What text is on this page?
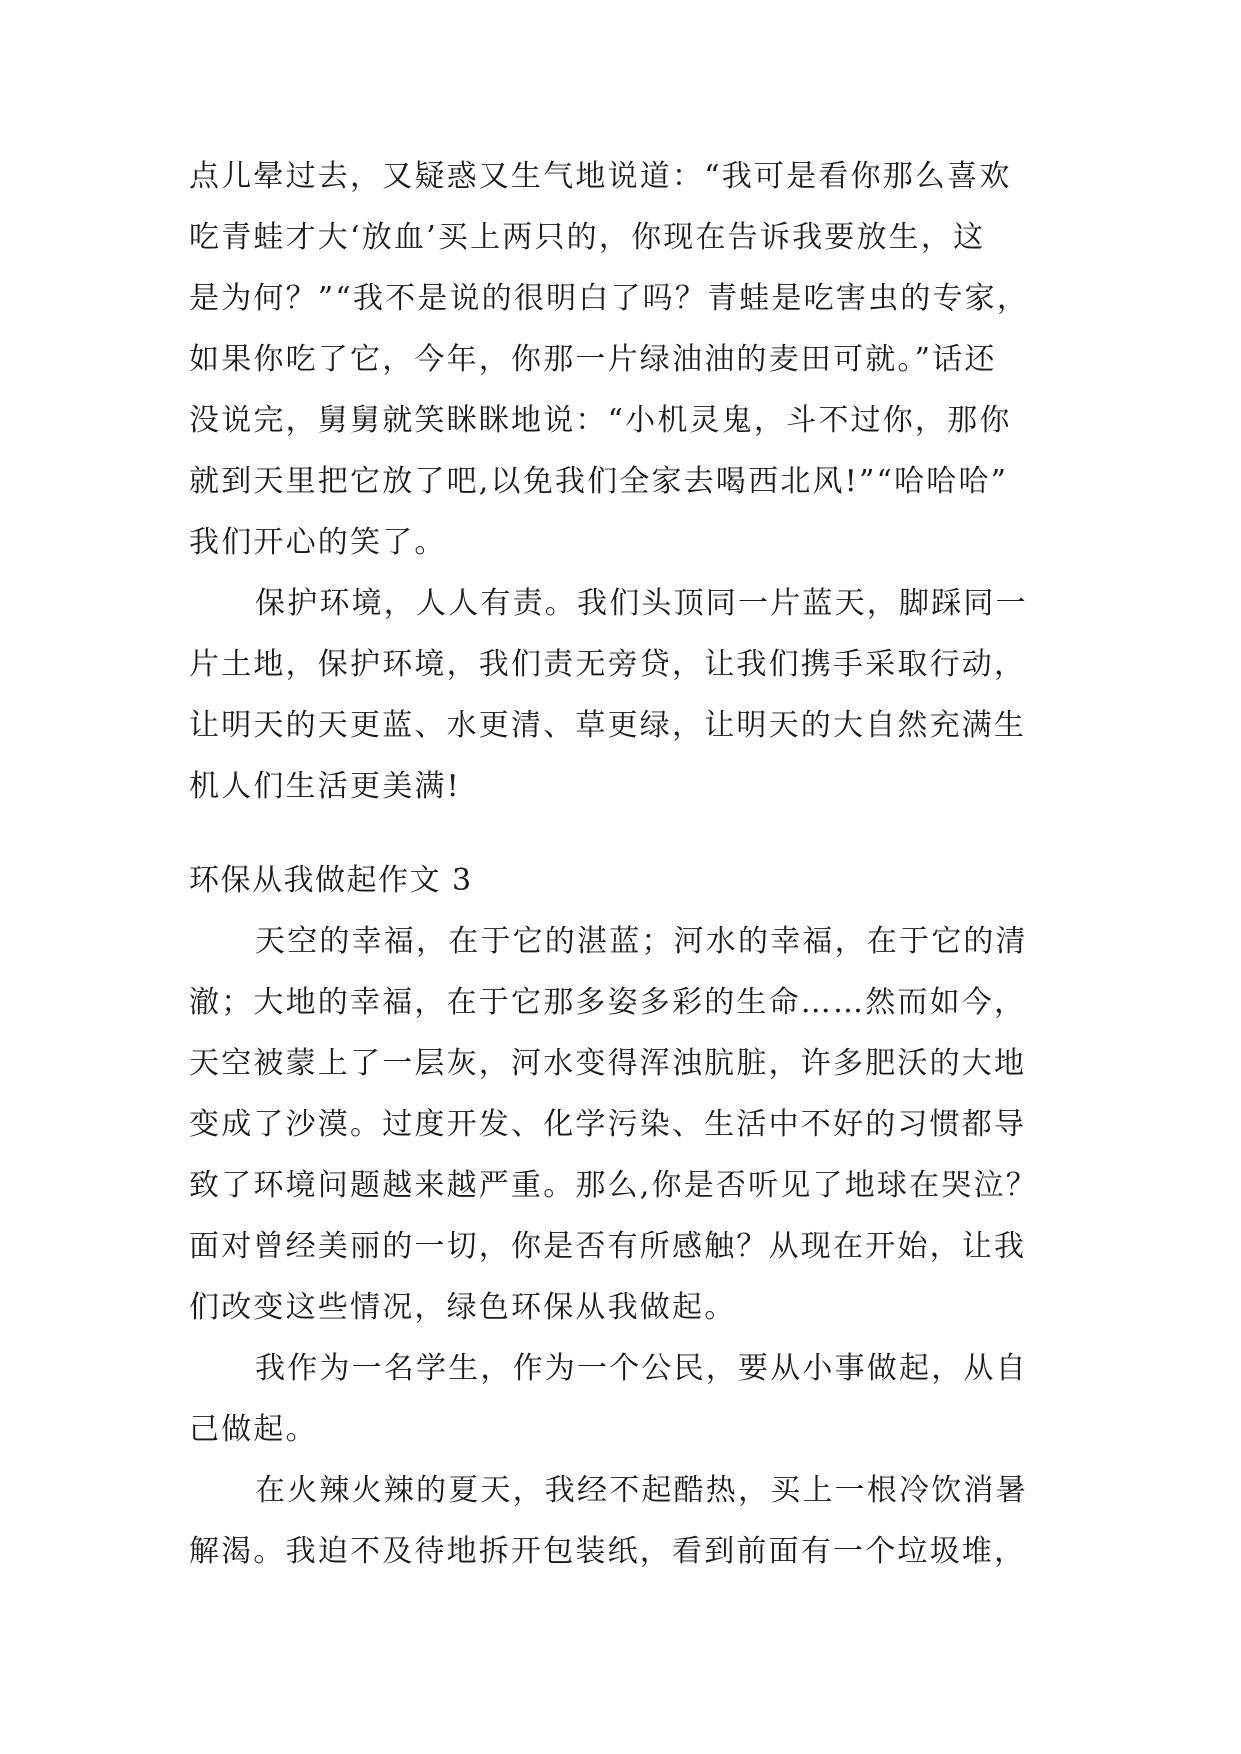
点儿晕过去，又疑惑又生气地说道：“我可是看你那么喜欢
吃青蛙才大‘放血’买上两只的，你现在告诉我要放生，这
是为何？”“我不是说的很明白了吗？青蛙是吃害虫的专家，
如果你吃了它，今年，你那一片绿油油的麦田可就。”话还
没说完，舅舅就笑眯眯地说：“小机灵鬼，斗不过你，那你
就到天里把它放了吧,以免我们全家去喝西北风!”“哈哈哈”
我们开心的笑了。
保护环境，人人有责。我们头顶同一片蓝天，脚踩同一
片土地，保护环境，我们责无旁贷，让我们携手采取行动，
让明天的天更蓝、水更清、草更绿，让明天的大自然充满生
机人们生活更美满!
环保从我做起作文 3
天空的幸福，在于它的湛蓝；河水的幸福，在于它的清
澈；大地的幸福，在于它那多姿多彩的生命……然而如今，
天空被蒙上了一层灰，河水变得浑浊肮脏，许多肥沃的大地
变成了沙漠。过度开发、化学污染、生活中不好的习惯都导
致了环境问题越来越严重。那么,你是否听见了地球在哭泣？
面对曾经美丽的一切，你是否有所感触？从现在开始，让我
们改变这些情况，绿色环保从我做起。
我作为一名学生，作为一个公民，要从小事做起，从自
己做起。
在火辣火辣的夏天，我经不起酷热，买上一根冷饮消暑
解渴。我迫不及待地拆开包装纸，看到前面有一个垃圾堆，
